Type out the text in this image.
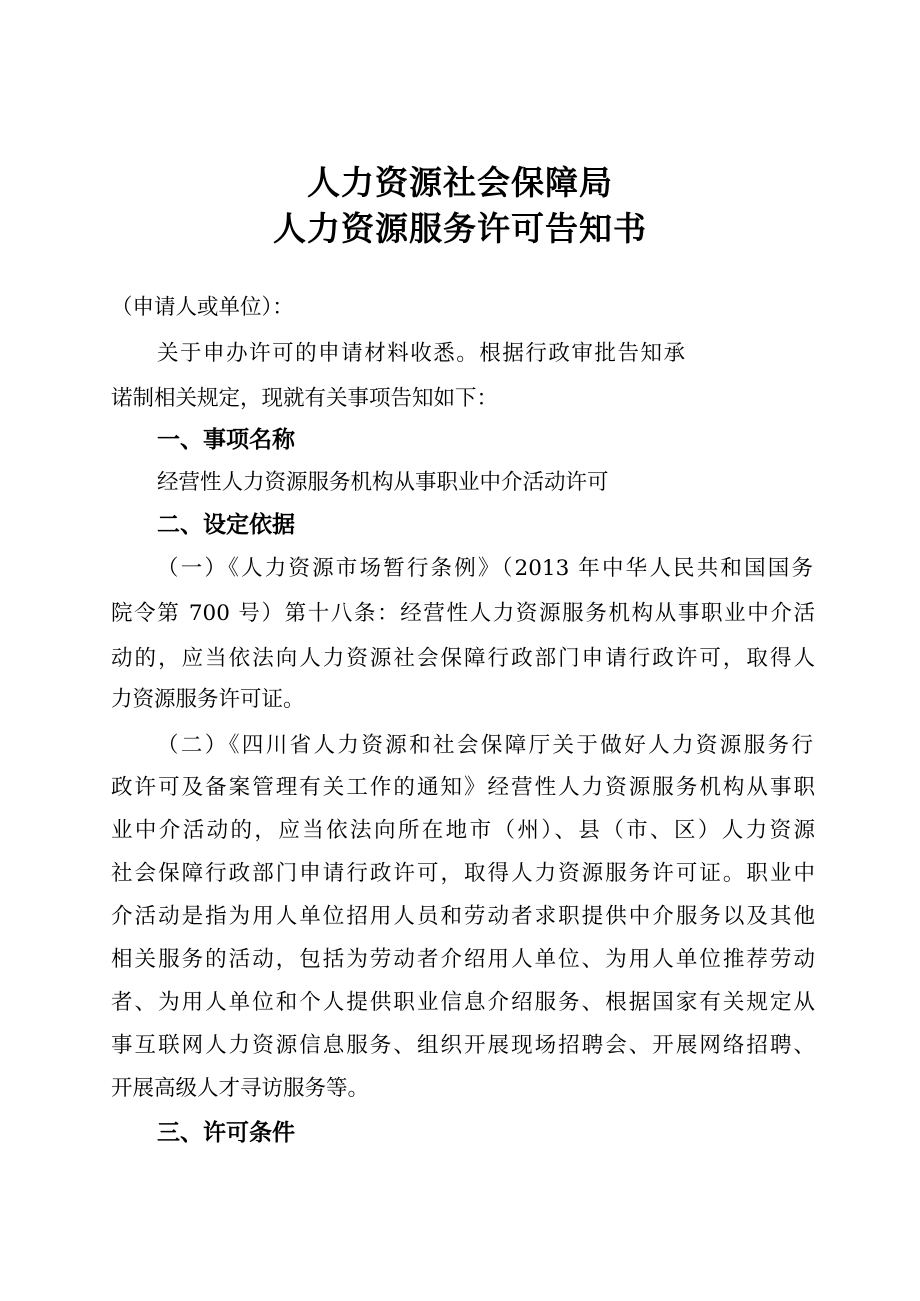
人力资源社会保障局
人力资源服务许可告知书
（申请人或单位）：
关于申办许可的申请材料收悉。根据行政审批告知承
诺制相关规定，现就有关事项告知如下：
一、事项名称
经营性人力资源服务机构从事职业中介活动许可
二、设定依据
（一）《人力资源市场暂行条例》（2013 年中华人民共和国国务
院令第 700 号）第十八条：经营性人力资源服务机构从事职业中介活
动的，应当依法向人力资源社会保障行政部门申请行政许可，取得人
力资源服务许可证。
（二）《四川省人力资源和社会保障厅关于做好人力资源服务行
政许可及备案管理有关工作的通知》经营性人力资源服务机构从事职
业中介活动的，应当依法向所在地市（州）、县（市、区）人力资源
社会保障行政部门申请行政许可，取得人力资源服务许可证。职业中
介活动是指为用人单位招用人员和劳动者求职提供中介服务以及其他
相关服务的活动，包括为劳动者介绍用人单位、为用人单位推荐劳动
者、为用人单位和个人提供职业信息介绍服务、根据国家有关规定从
事互联网人力资源信息服务、组织开展现场招聘会、开展网络招聘、
开展高级人才寻访服务等。
三、许可条件
